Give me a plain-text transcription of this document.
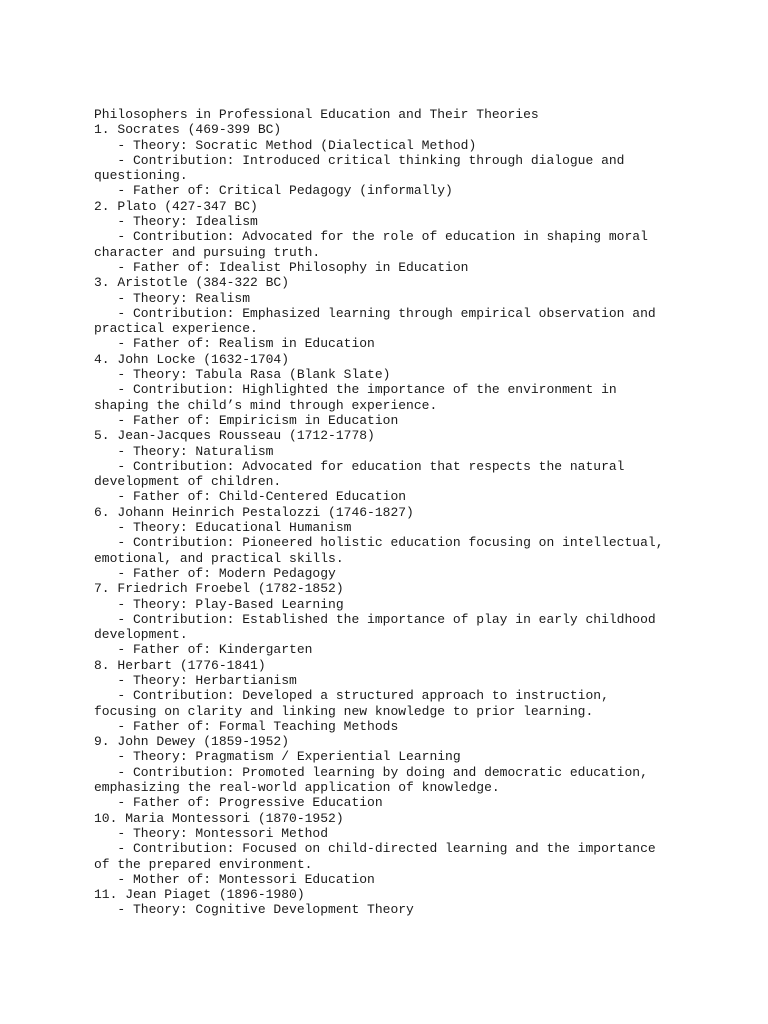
Philosophers in Professional Education and Their Theories
1. Socrates (469-399 BC)
- Theory: Socratic Method (Dialectical Method)
- Contribution: Introduced critical thinking through dialogue and
questioning.
- Father of: Critical Pedagogy (informally)
2. Plato (427-347 BC)
- Theory: Idealism
- Contribution: Advocated for the role of education in shaping moral
character and pursuing truth.
- Father of: Idealist Philosophy in Education
3. Aristotle (384-322 BC)
- Theory: Realism
- Contribution: Emphasized learning through empirical observation and
practical experience.
- Father of: Realism in Education
4. John Locke (1632-1704)
- Theory: Tabula Rasa (Blank Slate)
- Contribution: Highlighted the importance of the environment in
shaping the child’s mind through experience.
- Father of: Empiricism in Education
5. Jean-Jacques Rousseau (1712-1778)
- Theory: Naturalism
- Contribution: Advocated for education that respects the natural
development of children.
- Father of: Child-Centered Education
6. Johann Heinrich Pestalozzi (1746-1827)
- Theory: Educational Humanism
- Contribution: Pioneered holistic education focusing on intellectual,
emotional, and practical skills.
- Father of: Modern Pedagogy
7. Friedrich Froebel (1782-1852)
- Theory: Play-Based Learning
- Contribution: Established the importance of play in early childhood
development.
- Father of: Kindergarten
8. Herbart (1776-1841)
- Theory: Herbartianism
- Contribution: Developed a structured approach to instruction,
focusing on clarity and linking new knowledge to prior learning.
- Father of: Formal Teaching Methods
9. John Dewey (1859-1952)
- Theory: Pragmatism / Experiential Learning
- Contribution: Promoted learning by doing and democratic education,
emphasizing the real-world application of knowledge.
- Father of: Progressive Education
10. Maria Montessori (1870-1952)
- Theory: Montessori Method
- Contribution: Focused on child-directed learning and the importance
of the prepared environment.
- Mother of: Montessori Education
11. Jean Piaget (1896-1980)
- Theory: Cognitive Development Theory
